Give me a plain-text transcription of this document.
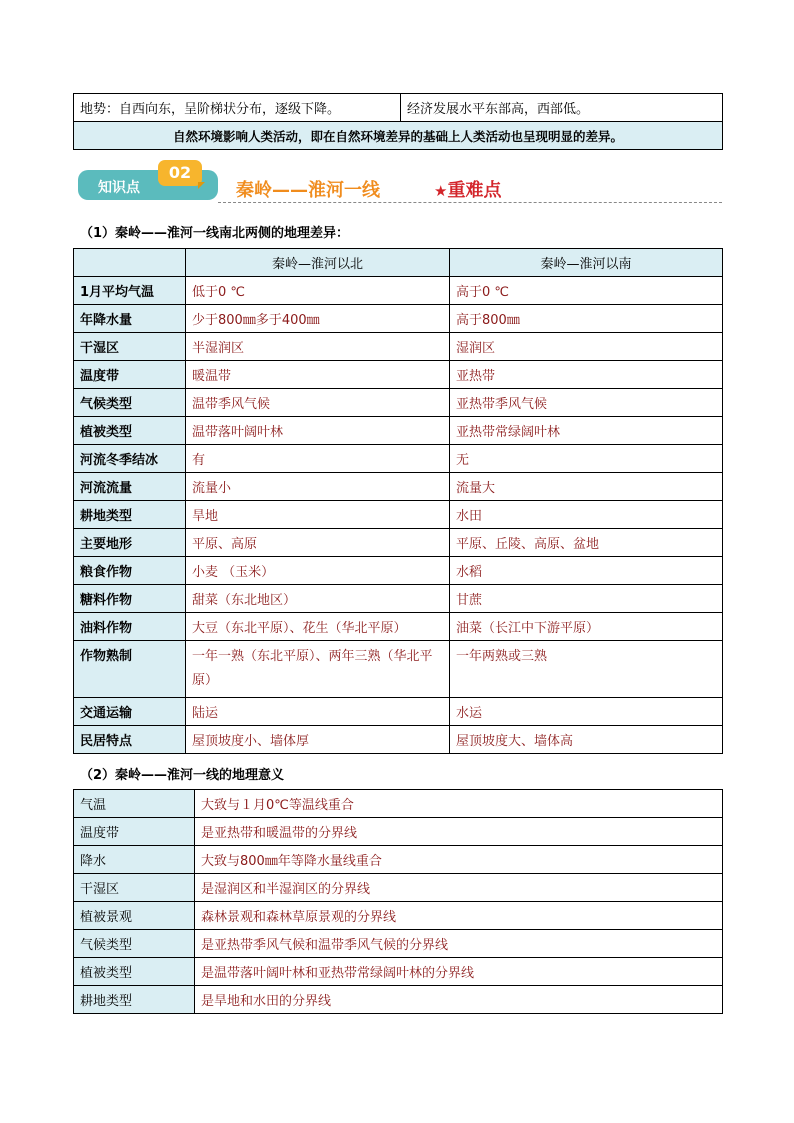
地势：自西向东，呈阶梯状分布，逐级下降。	经济发展水平东部高，西部低。
自然环境影响人类活动，即在自然环境差异的基础上人类活动也呈现明显的差异。
知识点
02
秦岭——淮河一线	★重难点
（1）秦岭——淮河一线南北两侧的地理差异：
	秦岭—淮河以北	秦岭—淮河以南
1月平均气温	低于0 ℃	高于0 ℃
年降水量	少于800㎜多于400㎜	高于800㎜
干湿区	半湿润区	湿润区
温度带	暖温带	亚热带
气候类型	温带季风气候	亚热带季风气候
植被类型	温带落叶阔叶林	亚热带常绿阔叶林
河流冬季结冰	有	无
河流流量	流量小	流量大
耕地类型	旱地	水田
主要地形	平原、高原	平原、丘陵、高原、盆地
粮食作物	小麦 （玉米）	水稻
糖料作物	甜菜（东北地区）	甘蔗
油料作物	大豆（东北平原）、花生（华北平原）	油菜（长江中下游平原）
作物熟制	一年一熟（东北平原）、两年三熟（华北平原）	一年两熟或三熟
交通运输	陆运	水运
民居特点	屋顶坡度小、墙体厚	屋顶坡度大、墙体高
（2）秦岭——淮河一线的地理意义
气温	大致与１月0℃等温线重合
温度带	是亚热带和暖温带的分界线
降水	大致与800㎜年等降水量线重合
干湿区	是湿润区和半湿润区的分界线
植被景观	森林景观和森林草原景观的分界线
气候类型	是亚热带季风气候和温带季风气候的分界线
植被类型	是温带落叶阔叶林和亚热带常绿阔叶林的分界线
耕地类型	是旱地和水田的分界线
